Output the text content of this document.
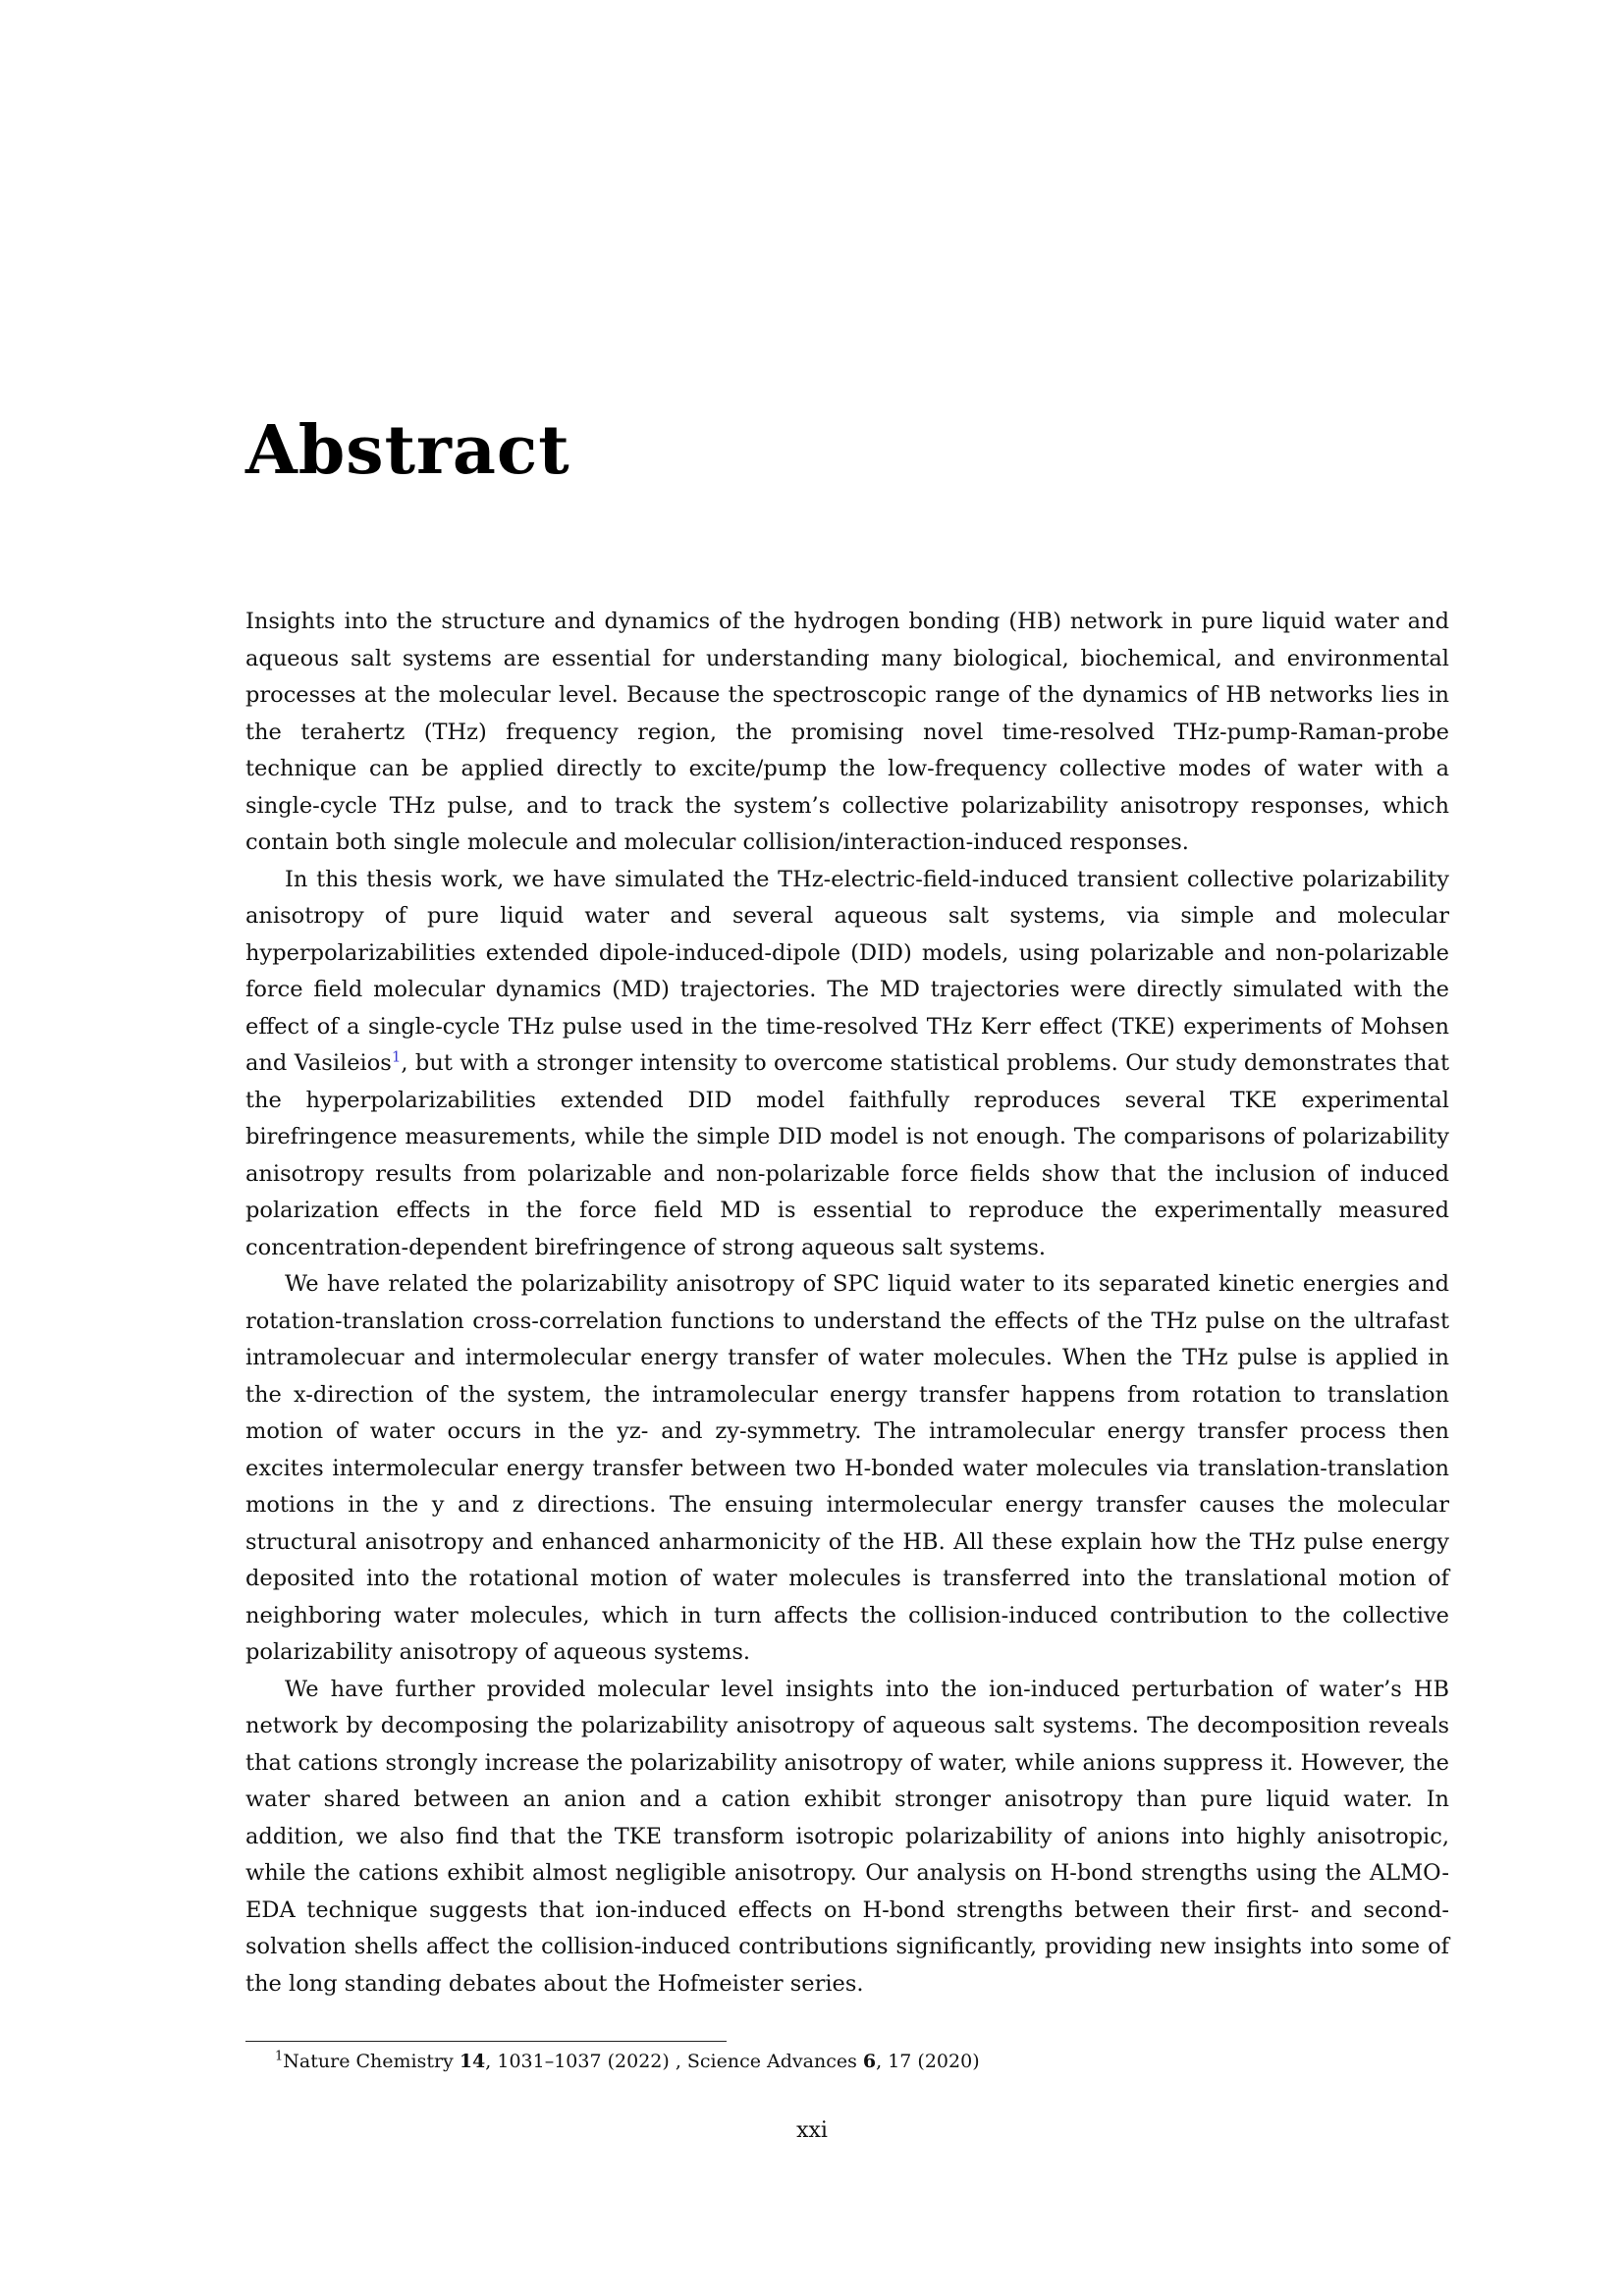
Abstract

Insights into the structure and dynamics of the hydrogen bonding (HB) network in pure liquid water and aqueous salt systems are essential for understanding many biological, biochemical, and environmental processes at the molecular level. Because the spectroscopic range of the dynamics of HB networks lies in the terahertz (THz) frequency region, the promising novel time-resolved THz-pump-Raman-probe technique can be applied directly to excite/pump the low-frequency collective modes of water with a single-cycle THz pulse, and to track the system’s collective polarizability anisotropy responses, which contain both single molecule and molecular collision/interaction-induced responses.

In this thesis work, we have simulated the THz-electric-field-induced transient collective polarizability anisotropy of pure liquid water and several aqueous salt systems, via simple and molecular hyperpolarizabilities extended dipole-induced-dipole (DID) models, using polarizable and non-polarizable force field molecular dynamics (MD) trajectories. The MD trajectories were directly simulated with the effect of a single-cycle THz pulse used in the time-resolved THz Kerr effect (TKE) experiments of Mohsen and Vasileios$^1$, but with a stronger intensity to overcome statistical problems. Our study demonstrates that the hyperpolarizabilities extended DID model faithfully reproduces several TKE experimental birefringence measurements, while the simple DID model is not enough. The comparisons of polarizability anisotropy results from polarizable and non-polarizable force fields show that the inclusion of induced polarization effects in the force field MD is essential to reproduce the experimentally measured concentration-dependent birefringence of strong aqueous salt systems.

We have related the polarizability anisotropy of SPC liquid water to its separated kinetic energies and rotation-translation cross-correlation functions to understand the effects of the THz pulse on the ultrafast intramolecuar and intermolecular energy transfer of water molecules. When the THz pulse is applied in the x-direction of the system, the intramolecular energy transfer happens from rotation to translation motion of water occurs in the yz- and zy-symmetry. The intramolecular energy transfer process then excites intermolecular energy transfer between two H-bonded water molecules via translation-translation motions in the y and z directions. The ensuing intermolecular energy transfer causes the molecular structural anisotropy and enhanced anharmonicity of the HB. All these explain how the THz pulse energy deposited into the rotational motion of water molecules is transferred into the translational motion of neighboring water molecules, which in turn affects the collision-induced contribution to the collective polarizability anisotropy of aqueous systems.

We have further provided molecular level insights into the ion-induced perturbation of water’s HB network by decomposing the polarizability anisotropy of aqueous salt systems. The decomposition reveals that cations strongly increase the polarizability anisotropy of water, while anions suppress it. However, the water shared between an anion and a cation exhibit stronger anisotropy than pure liquid water. In addition, we also find that the TKE transform isotropic polarizability of anions into highly anisotropic, while the cations exhibit almost negligible anisotropy. Our analysis on H-bond strengths using the ALMO-EDA technique suggests that ion-induced effects on H-bond strengths between their first- and second-solvation shells affect the collision-induced contributions significantly, providing new insights into some of the long standing debates about the Hofmeister series.

$^1$Nature Chemistry 14, 1031–1037 (2022) , Science Advances 6, 17 (2020)
xxi
